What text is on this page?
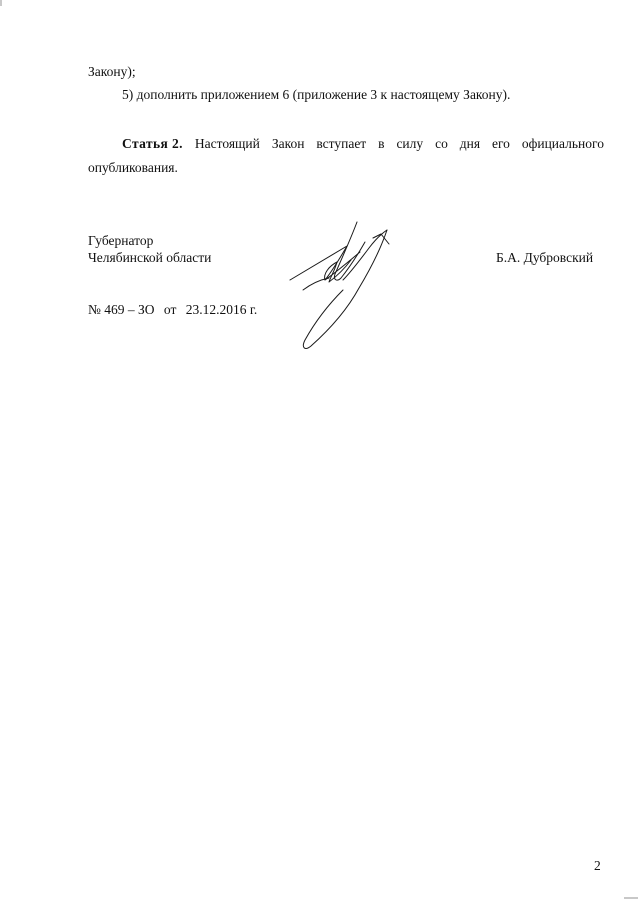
Закону);
5) дополнить приложением 6 (приложение 3 к настоящему Закону).
Статья 2. Настоящий Закон вступает в силу со дня его официального
опубликования.
Губернатор
Челябинской области	Б.А. Дубровский
№ 469 – ЗО от 23.12.2016 г.
2
